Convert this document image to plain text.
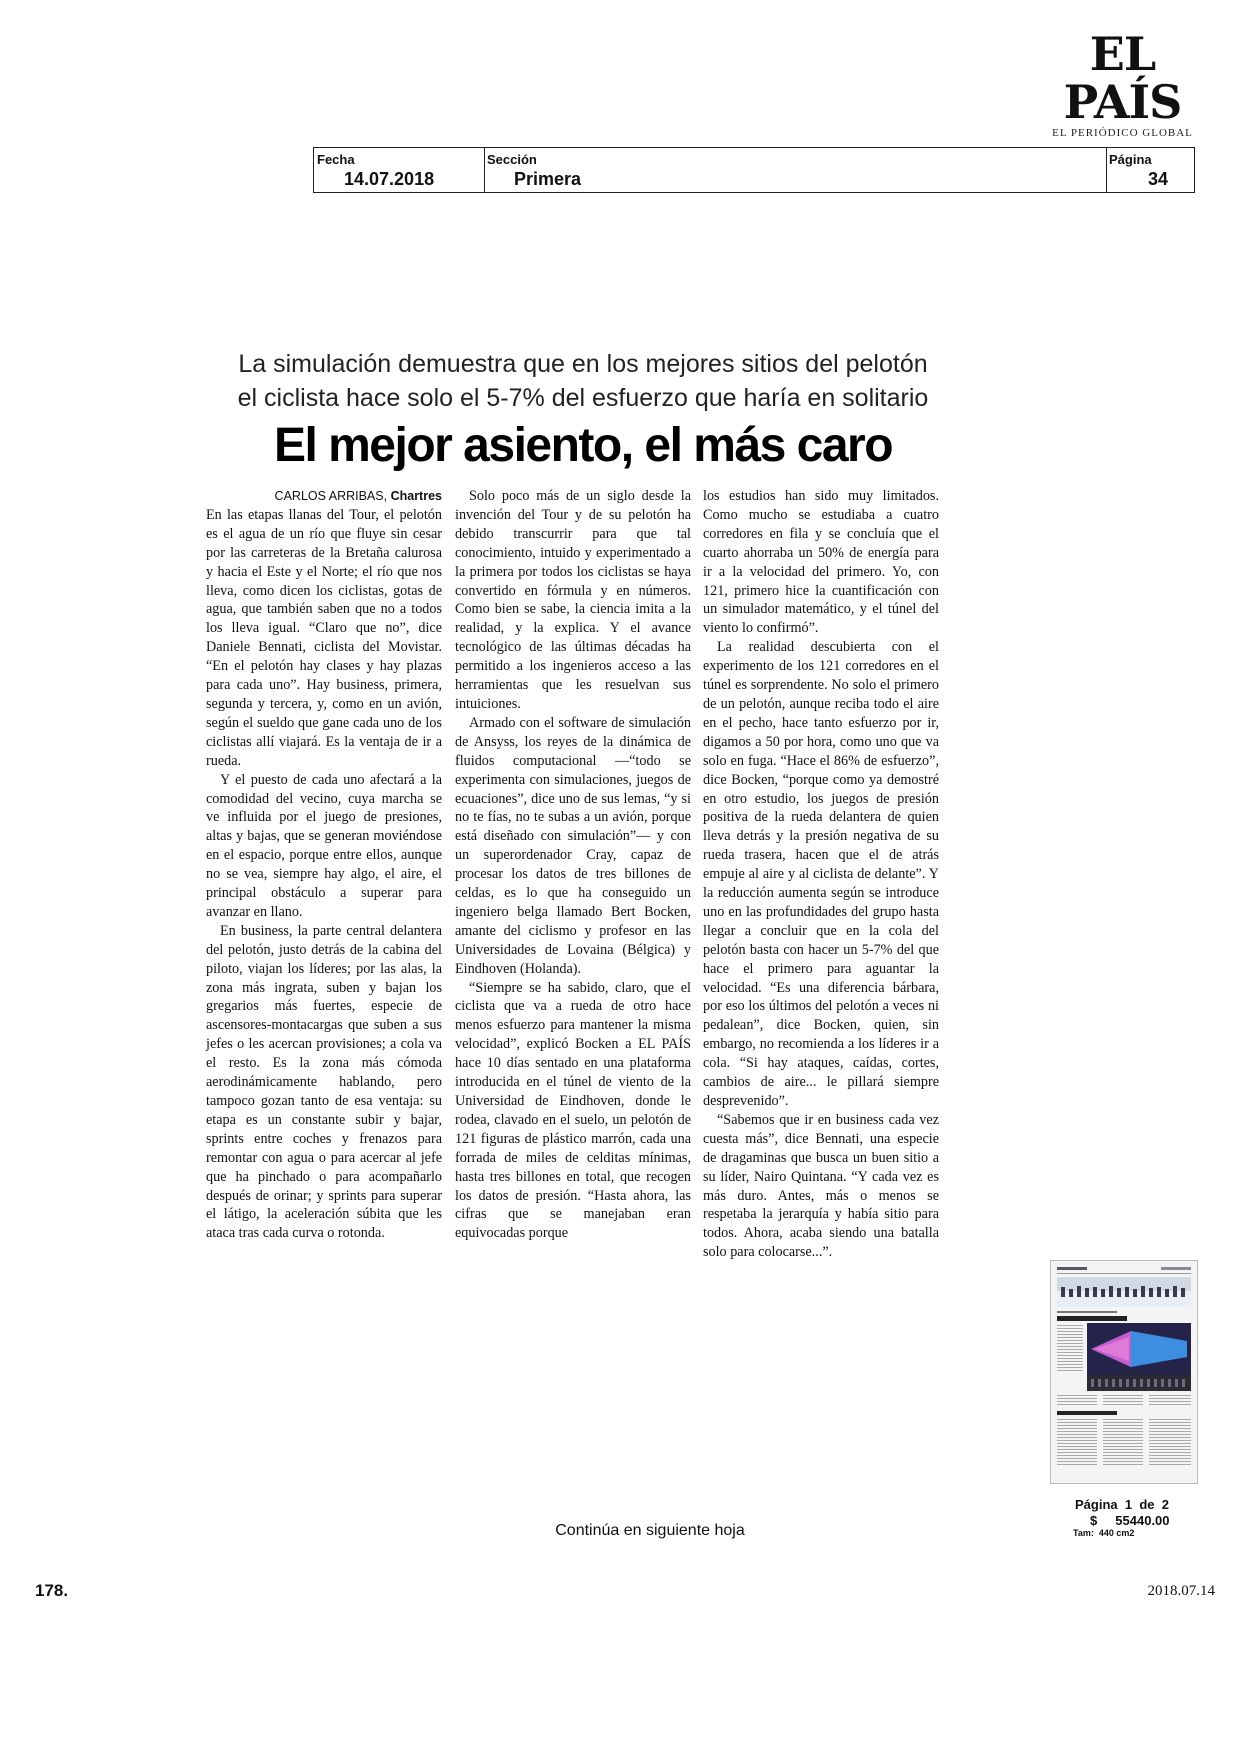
EL PAÍS
EL PERIÓDICO GLOBAL
Fecha
14.07.2018
Sección
Primera
Página
34
La simulación demuestra que en los mejores sitios del pelotón
el ciclista hace solo el 5-7% del esfuerzo que haría en solitario
El mejor asiento, el más caro

CARLOS ARRIBAS, Chartres

En las etapas llanas del Tour, el pelotón es el agua de un río que fluye sin cesar por las carreteras de la Bretaña calurosa y hacia el Este y el Norte; el río que nos lleva, como dicen los ciclistas, gotas de agua, que también saben que no a todos los lleva igual. “Claro que no”, dice Daniele Bennati, ciclista del Movistar. “En el pelotón hay clases y hay plazas para cada uno”. Hay business, primera, segunda y tercera, y, como en un avión, según el sueldo que gane cada uno de los ciclistas allí viajará. Es la ventaja de ir a rueda.

Y el puesto de cada uno afectará a la comodidad del vecino, cuya marcha se ve influida por el juego de presiones, altas y bajas, que se generan moviéndose en el espacio, porque entre ellos, aunque no se vea, siempre hay algo, el aire, el principal obstáculo a superar para avanzar en llano.

En business, la parte central delantera del pelotón, justo detrás de la cabina del piloto, viajan los líderes; por las alas, la zona más ingrata, suben y bajan los gregarios más fuertes, especie de ascensores-montacargas que suben a sus jefes o les acercan provisiones; a cola va el resto. Es la zona más cómoda aerodinámicamente hablando, pero tampoco gozan tanto de esa ventaja: su etapa es un constante subir y bajar, sprints entre coches y frenazos para remontar con agua o para acercar al jefe que ha pinchado o para acompañarlo después de orinar; y sprints para superar el látigo, la aceleración súbita que les ataca tras cada curva o rotonda.

Solo poco más de un siglo desde la invención del Tour y de su pelotón ha debido transcurrir para que tal conocimiento, intuido y experimentado a la primera por todos los ciclistas se haya convertido en fórmula y en números. Como bien se sabe, la ciencia imita a la realidad, y la explica. Y el avance tecnológico de las últimas décadas ha permitido a los ingenieros acceso a las herramientas que les resuelvan sus intuiciones.

Armado con el software de simulación de Ansyss, los reyes de la dinámica de fluidos computacional —“todo se experimenta con simulaciones, juegos de ecuaciones”, dice uno de sus lemas, “y si no te fías, no te subas a un avión, porque está diseñado con simulación”— y con un superordenador Cray, capaz de procesar los datos de tres billones de celdas, es lo que ha conseguido un ingeniero belga llamado Bert Bocken, amante del ciclismo y profesor en las Universidades de Lovaina (Bélgica) y Eindhoven (Holanda).

“Siempre se ha sabido, claro, que el ciclista que va a rueda de otro hace menos esfuerzo para mantener la misma velocidad”, explicó Bocken a EL PAÍS hace 10 días sentado en una plataforma introducida en el túnel de viento de la Universidad de Eindhoven, donde le rodea, clavado en el suelo, un pelotón de 121 figuras de plástico marrón, cada una forrada de miles de celditas mínimas, hasta tres billones en total, que recogen los datos de presión. “Hasta ahora, las cifras que se manejaban eran equivocadas porque

los estudios han sido muy limitados. Como mucho se estudiaba a cuatro corredores en fila y se concluía que el cuarto ahorraba un 50% de energía para ir a la velocidad del primero. Yo, con 121, primero hice la cuantificación con un simulador matemático, y el túnel del viento lo confirmó”.

La realidad descubierta con el experimento de los 121 corredores en el túnel es sorprendente. No solo el primero de un pelotón, aunque reciba todo el aire en el pecho, hace tanto esfuerzo por ir, digamos a 50 por hora, como uno que va solo en fuga. “Hace el 86% de esfuerzo”, dice Bocken, “porque como ya demostré en otro estudio, los juegos de presión positiva de la rueda delantera de quien lleva detrás y la presión negativa de su rueda trasera, hacen que el de atrás empuje al aire y al ciclista de delante”. Y la reducción aumenta según se introduce uno en las profundidades del grupo hasta llegar a concluir que en la cola del pelotón basta con hacer un 5-7% del que hace el primero para aguantar la velocidad. “Es una diferencia bárbara, por eso los últimos del pelotón a veces ni pedalean”, dice Bocken, quien, sin embargo, no recomienda a los líderes ir a cola. “Si hay ataques, caídas, cortes, cambios de aire... le pillará siempre desprevenido”.

“Sabemos que ir en business cada vez cuesta más”, dice Bennati, una especie de dragaminas que busca un buen sitio a su líder, Nairo Quintana. “Y cada vez es más duro. Antes, más o menos se respetaba la jerarquía y había sitio para todos. Ahora, acaba siendo una batalla solo para colocarse...”.

Página 1 de 2
$ 55440.00
Tam: 440 cm2
Continúa en siguiente hoja
178.	2018.07.14
